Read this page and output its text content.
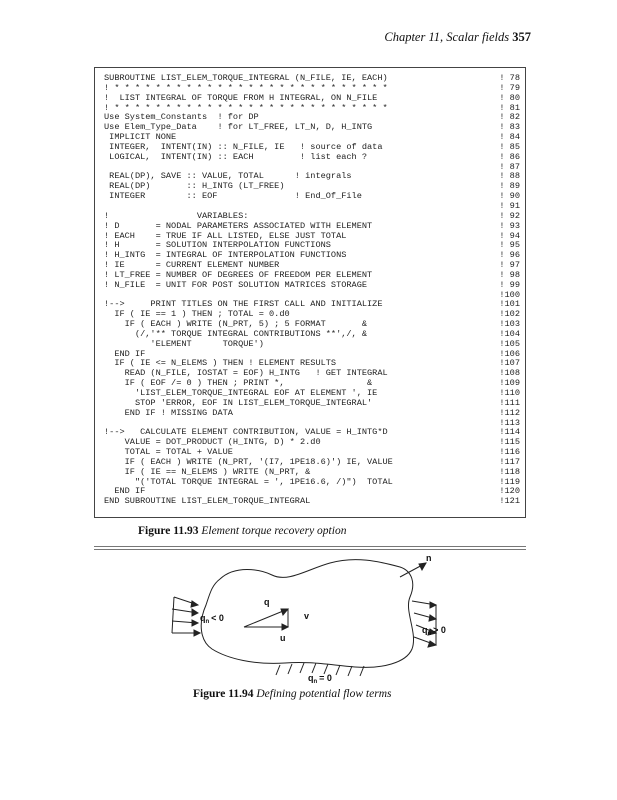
Chapter 11, Scalar fields 357
SUBROUTINE LIST_ELEM_TORQUE_INTEGRAL (N_FILE, IE, EACH)	! 78
! * * * * * * * * * * * * * * * * * * * * * * * * * * *	! 79
!  LIST INTEGRAL OF TORQUE FROM H INTEGRAL, ON N_FILE	! 80
! * * * * * * * * * * * * * * * * * * * * * * * * * * *	! 81
Use System_Constants  ! for DP	! 82
Use Elem_Type_Data    ! for LT_FREE, LT_N, D, H_INTG	! 83
IMPLICIT NONE	! 84
INTEGER,  INTENT(IN) :: N_FILE, IE   ! source of data	! 85
LOGICAL,  INTENT(IN) :: EACH         ! list each ?	! 86
! 87
REAL(DP), SAVE :: VALUE, TOTAL      ! integrals	! 88
REAL(DP)       :: H_INTG (LT_FREE)	! 89
INTEGER        :: EOF               ! End_Of_File	! 90
! 91
!                 VARIABLES:	! 92
! D       = NODAL PARAMETERS ASSOCIATED WITH ELEMENT	! 93
! EACH    = TRUE IF ALL LISTED, ELSE JUST TOTAL	! 94
! H       = SOLUTION INTERPOLATION FUNCTIONS	! 95
! H_INTG  = INTEGRAL OF INTERPOLATION FUNCTIONS	! 96
! IE      = CURRENT ELEMENT NUMBER	! 97
! LT_FREE = NUMBER OF DEGREES OF FREEDOM PER ELEMENT	! 98
! N_FILE  = UNIT FOR POST SOLUTION MATRICES STORAGE	! 99
!100
!-->     PRINT TITLES ON THE FIRST CALL AND INITIALIZE	!101
IF ( IE == 1 ) THEN ; TOTAL = 0.d0	!102
IF ( EACH ) WRITE (N_PRT, 5) ; 5 FORMAT       &	!103
(/,'** TORQUE INTEGRAL CONTRIBUTIONS **',/, &	!104
'ELEMENT      TORQUE')	!105
END IF	!106
IF ( IE <= N_ELEMS ) THEN ! ELEMENT RESULTS	!107
READ (N_FILE, IOSTAT = EOF) H_INTG   ! GET INTEGRAL	!108
IF ( EOF /= 0 ) THEN ; PRINT *,                &	!109
'LIST_ELEM_TORQUE_INTEGRAL EOF AT ELEMENT ', IE	!110
STOP 'ERROR, EOF IN LIST_ELEM_TORQUE_INTEGRAL'	!111
END IF ! MISSING DATA	!112
!113
!-->   CALCULATE ELEMENT CONTRIBUTION, VALUE = H_INTG*D	!114
VALUE = DOT_PRODUCT (H_INTG, D) * 2.d0	!115
TOTAL = TOTAL + VALUE	!116
IF ( EACH ) WRITE (N_PRT, '(I7, 1PE18.6)') IE, VALUE	!117
IF ( IE == N_ELEMS ) WRITE (N_PRT, &	!118
"('TOTAL TORQUE INTEGRAL = ', 1PE16.6, /)")  TOTAL	!119
END IF	!120
END SUBROUTINE LIST_ELEM_TORQUE_INTEGRAL	!121
Figure 11.93 Element torque recovery option
n
q
v
u
$q_n < 0$
$q_n > 0$
$q_n = 0$
Figure 11.94 Defining potential flow terms
